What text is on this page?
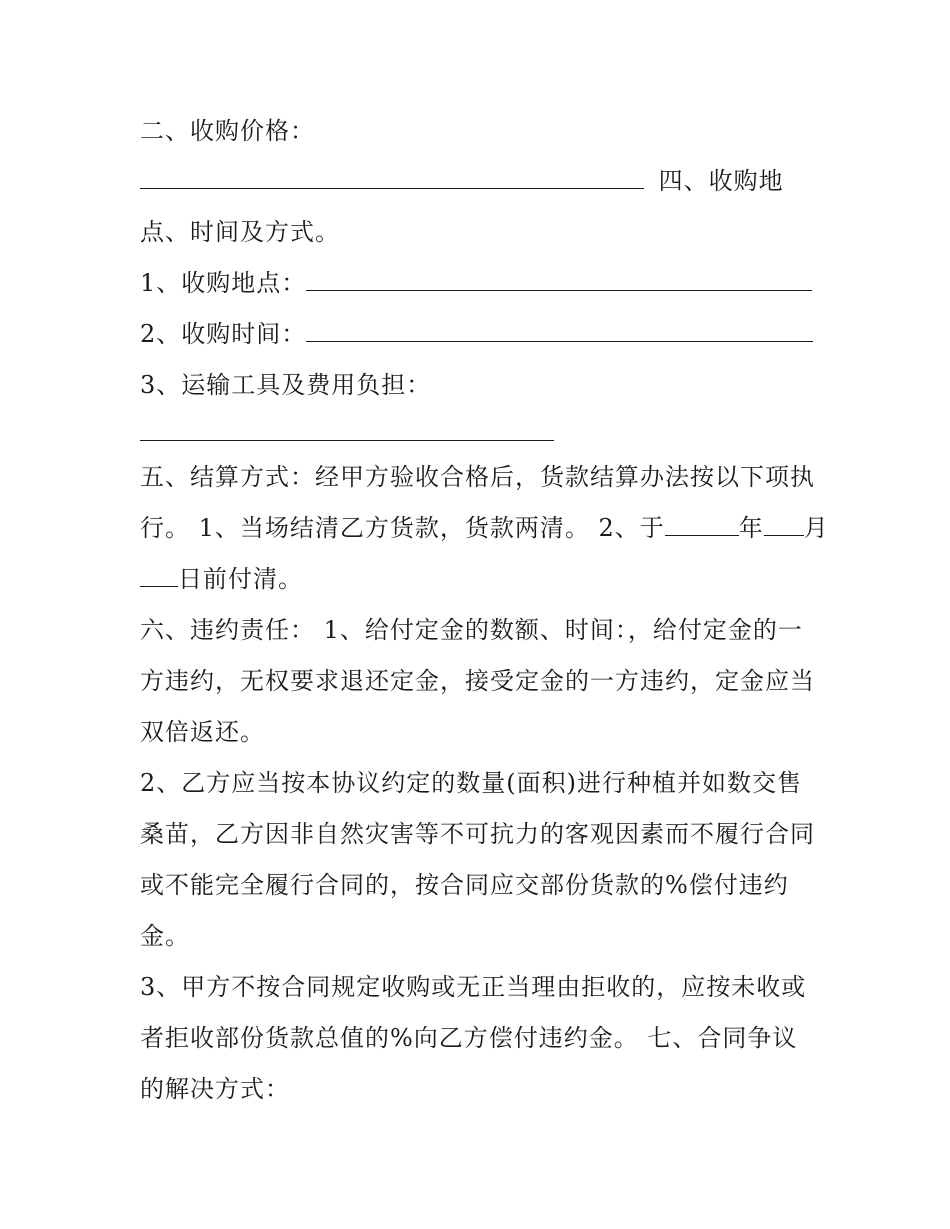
二、收购价格：
四、收购地
点、时间及方式。
1、收购地点：
2、收购时间：
3、运输工具及费用负担：
五、结算方式：经甲方验收合格后，货款结算办法按以下项执
行。 1、当场结清乙方货款，货款两清。 2、于	年 月
日前付清。
六、违约责任： 1、给付定金的数额、时间：，给付定金的一
方违约，无权要求退还定金，接受定金的一方违约，定金应当
双倍返还。
2、乙方应当按本协议约定的数量(面积)进行种植并如数交售
桑苗，乙方因非自然灾害等不可抗力的客观因素而不履行合同
或不能完全履行合同的，按合同应交部份货款的%偿付违约
金。
3、甲方不按合同规定收购或无正当理由拒收的，应按未收或
者拒收部份货款总值的%向乙方偿付违约金。 七、合同争议
的解决方式：
